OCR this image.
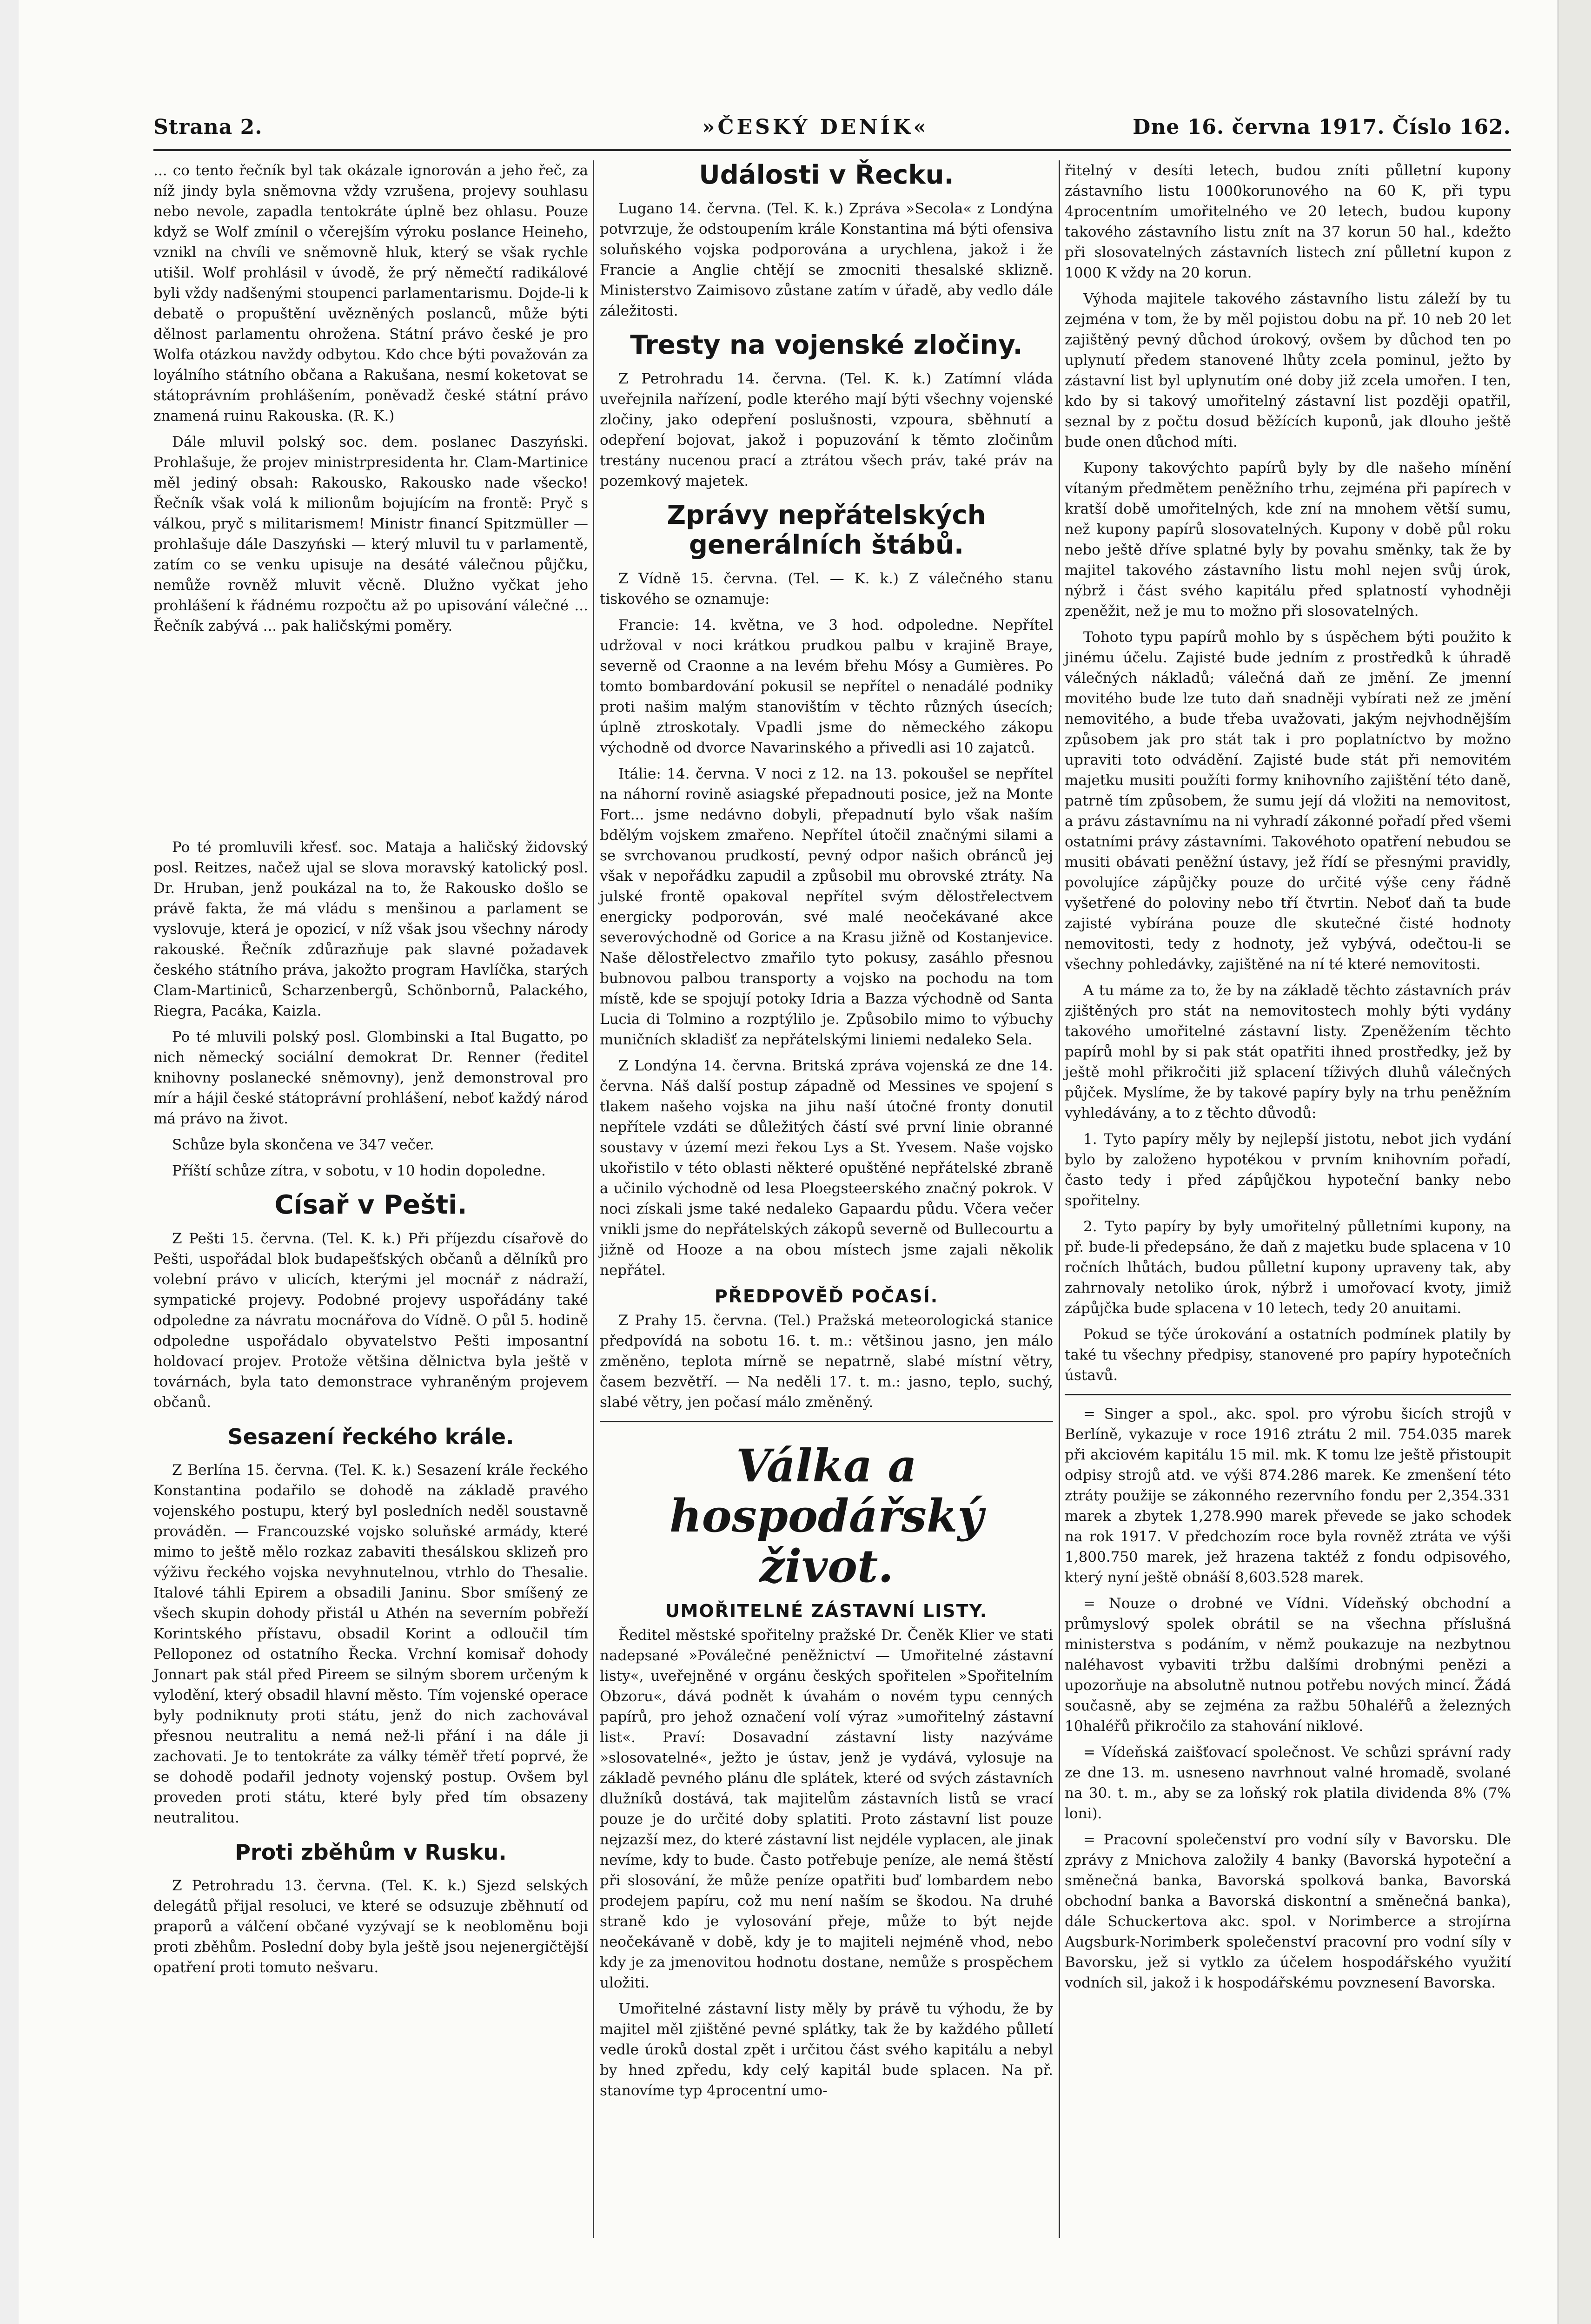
Strana 2.	»ČESKÝ DENÍK«	Dne 16. června 1917. Číslo 162.

... co tento řečník byl tak okázale ignorován a jeho řeč, za níž jindy byla sněmovna vždy vzrušena, projevy souhlasu nebo nevole, zapadla tentokráte úplně bez ohlasu. Pouze když se Wolf zmínil o včerejším výroku poslance Heineho, vznikl na chvíli ve sněmovně hluk, který se však rychle utišil. Wolf prohlásil v úvodě, že prý němečtí radikálové byli vždy nadšenými stoupenci parlamentarismu. Dojde-li k debatě o propuštění uvězněných poslanců, může býti dělnost parlamentu ohrožena. Státní právo české je pro Wolfa otázkou navždy odbytou. Kdo chce býti považován za loyálního státního občana a Rakušana, nesmí koketovat se státoprávním prohlášením, poněvadž české státní právo znamená ruinu Rakouska. (R. K.)

Dále mluvil polský soc. dem. poslanec Daszyński. Prohlašuje, že projev ministrpresidenta hr. Clam-Martinice měl jediný obsah: Rakousko, Rakousko nade všecko! Řečník však volá k milionům bojujícím na frontě: Pryč s válkou, pryč s militarismem! Ministr financí Spitzmüller — prohlašuje dále Daszyński — který mluvil tu v parlamentě, zatím co se venku upisuje na desáté válečnou půjčku, nemůže rovněž mluvit věcně. Dlužno vyčkat jeho prohlášení k řádnému rozpočtu až po upisování válečné ... Řečník zabývá ... pak haličskými poměry.

Po té promluvili křesť. soc. Mataja a haličský židovský posl. Reitzes, načež ujal se slova moravský katolický posl. Dr. Hruban, jenž poukázal na to, že Rakousko došlo se právě fakta, že má vládu s menšinou a parlament se vyslovuje, která je opozicí, v níž však jsou všechny národy rakouské. Řečník zdůrazňuje pak slavné požadavek českého státního práva, jakožto program Havlíčka, starých Clam-Martiniců, Scharzenbergů, Schönbornů, Palackého, Riegra, Pacáka, Kaizla.

Po té mluvili polský posl. Glombinski a Ital Bugatto, po nich německý sociální demokrat Dr. Renner (ředitel knihovny poslanecké sněmovny), jenž demonstroval pro mír a hájil české státoprávní prohlášení, neboť každý národ má právo na život.

Schůze byla skončena ve 347 večer.

Příští schůze zítra, v sobotu, v 10 hodin dopoledne.

Císař v Pešti.

Z Pešti 15. června. (Tel. K. k.) Při příjezdu císařově do Pešti, uspořádal blok budapešťských občanů a dělníků pro volební právo v ulicích, kterými jel mocnář z nádraží, sympatické projevy. Podobné projevy uspořádány také odpoledne za návratu mocnářova do Vídně. O půl 5. hodině odpoledne uspořádalo obyvatelstvo Pešti imposantní holdovací projev. Protože většina dělnictva byla ještě v továrnách, byla tato demonstrace vyhraněným projevem občanů.

Sesazení řeckého krále.

Z Berlína 15. června. (Tel. K. k.) Sesazení krále řeckého Konstantina podařilo se dohodě na základě pravého vojenského postupu, který byl posledních neděl soustavně prováděn. — Francouzské vojsko soluňské armády, které mimo to ještě mělo rozkaz zabaviti thesálskou sklizeň pro výživu řeckého vojska nevyhnutelnou, vtrhlo do Thesalie. Italové táhli Epirem a obsadili Janinu. Sbor smíšený ze všech skupin dohody přistál u Athén na severním pobřeží Korintského přístavu, obsadil Korint a odloučil tím Pelloponez od ostatního Řecka. Vrchní komisař dohody Jonnart pak stál před Pireem se silným sborem určeným k vylodění, který obsadil hlavní město. Tím vojenské operace byly podniknuty proti státu, jenž do nich zachovával přesnou neutralitu a nemá než-li přání i na dále ji zachovati. Je to tentokráte za války téměř třetí poprvé, že se dohodě podařil jednoty vojenský postup. Ovšem byl proveden proti státu, které byly před tím obsazeny neutralitou.

Proti zběhům v Rusku.

Z Petrohradu 13. června. (Tel. K. k.) Sjezd selských delegátů přijal resoluci, ve které se odsuzuje zběhnutí od praporů a válčení občané vyzývají se k neobloměnu boji proti zběhům. Poslední doby byla ještě jsou nejenergičtější opatření proti tomuto nešvaru.

Události v Řecku.

Lugano 14. června. (Tel. K. k.) Zpráva »Secola« z Londýna potvrzuje, že odstoupením krále Konstantina má býti ofensiva soluňského vojska podporována a urychlena, jakož i že Francie a Anglie chtějí se zmocniti thesalské sklizně. Ministerstvo Zaimisovo zůstane zatím v úřadě, aby vedlo dále záležitosti.

Tresty na vojenské zločiny.

Z Petrohradu 14. června. (Tel. K. k.) Zatímní vláda uveřejnila nařízení, podle kterého mají býti všechny vojenské zločiny, jako odepření poslušnosti, vzpoura, sběhnutí a odepření bojovat, jakož i popuzování k těmto zločinům trestány nucenou prací a ztrátou všech práv, také práv na pozemkový majetek.

Zprávy nepřátelských generálních štábů.

Z Vídně 15. června. (Tel. — K. k.) Z válečného stanu tiskového se oznamuje:

Francie: 14. května, ve 3 hod. odpoledne. Nepřítel udržoval v noci krátkou prudkou palbu v krajině Braye, severně od Craonne a na levém břehu Mósy a Gumières. Po tomto bombardování pokusil se nepřítel o nenadálé podniky proti našim malým stanovištím v těchto různých úsecích; úplně ztroskotaly. Vpadli jsme do německého zákopu východně od dvorce Navarinského a přivedli asi 10 zajatců.

Itálie: 14. června. V noci z 12. na 13. pokoušel se nepřítel na náhorní rovině asiagské přepadnouti posice, jež na Monte Fort... jsme nedávno dobyli, přepadnutí bylo však naším bdělým vojskem zmařeno. Nepřítel útočil značnými silami a se svrchovanou prudkostí, pevný odpor našich obránců jej však v nepořádku zapudil a způsobil mu obrovské ztráty. Na julské frontě opakoval nepřítel svým dělostřelectvem energicky podporován, své malé neočekávané akce severovýchodně od Gorice a na Krasu jižně od Kostanjevice. Naše dělostřelectvo zmařilo tyto pokusy, zasáhlo přesnou bubnovou palbou transporty a vojsko na pochodu na tom místě, kde se spojují potoky Idria a Bazza východně od Santa Lucia di Tolmino a rozptýlilo je. Způsobilo mimo to výbuchy muničních skladišť za nepřátelskými liniemi nedaleko Sela.

Z Londýna 14. června. Britská zpráva vojenská ze dne 14. června. Náš další postup západně od Messines ve spojení s tlakem našeho vojska na jihu naší útočné fronty donutil nepřítele vzdáti se důležitých částí své první linie obranné soustavy v území mezi řekou Lys a St. Yvesem. Naše vojsko ukořistilo v této oblasti některé opuštěné nepřátelské zbraně a učinilo východně od lesa Ploegsteerského značný pokrok. V noci získali jsme také nedaleko Gapaardu půdu. Včera večer vnikli jsme do nepřátelských zákopů severně od Bullecourtu a jižně od Hooze a na obou místech jsme zajali několik nepřátel.

PŘEDPOVĚĎ POČASÍ.

Z Prahy 15. června. (Tel.) Pražská meteorologická stanice předpovídá na sobotu 16. t. m.: většinou jasno, jen málo změněno, teplota mírně se nepatrně, slabé místní větry, časem bezvětří. — Na neděli 17. t. m.: jasno, teplo, suchý, slabé větry, jen počasí málo změněný.

Válka a hospodářský život.
UMOŘITELNÉ ZÁSTAVNÍ LISTY.

Ředitel městské spořitelny pražské Dr. Čeněk Klier ve stati nadepsané »Poválečné peněžnictví — Umořitelné zástavní listy«, uveřejněné v orgánu českých spořitelen »Spořitelním Obzoru«, dává podnět k úvahám o novém typu cenných papírů, pro jehož označení volí výraz »umořitelný zástavní list«. Praví: Dosavadní zástavní listy nazýváme »slosovatelné«, ježto je ústav, jenž je vydává, vylosuje na základě pevného plánu dle splátek, které od svých zástavních dlužníků dostává, tak majitelům zástavních listů se vrací pouze je do určité doby splatiti. Proto zástavní list pouze nejzazší mez, do které zástavní list nejdéle vyplacen, ale jinak nevíme, kdy to bude. Často potřebuje peníze, ale nemá štěstí při slosování, že může peníze opatřiti buď lombardem nebo prodejem papíru, což mu není naším se škodou. Na druhé straně kdo je vylosování přeje, může to být nejde neočekávaně v době, kdy je to majiteli nejméně vhod, nebo kdy je za jmenovitou hodnotu dostane, nemůže s prospěchem uložiti.

Umořitelné zástavní listy měly by právě tu výhodu, že by majitel měl zjištěné pevné splátky, tak že by každého půlletí vedle úroků dostal zpět i určitou část svého kapitálu a nebyl by hned zpředu, kdy celý kapitál bude splacen. Na př. stanovíme typ 4procentní umo-

řitelný v desíti letech, budou zníti půlletní kupony zástavního listu 1000korunového na 60 K, při typu 4procentním umořitelného ve 20 letech, budou kupony takového zástavního listu znít na 37 korun 50 hal., kdežto při slosovatelných zástavních listech zní půlletní kupon z 1000 K vždy na 20 korun.

Výhoda majitele takového zástavního listu záleží by tu zejména v tom, že by měl pojistou dobu na př. 10 neb 20 let zajištěný pevný důchod úrokový, ovšem by důchod ten po uplynutí předem stanovené lhůty zcela pominul, ježto by zástavní list byl uplynutím oné doby již zcela umořen. I ten, kdo by si takový umořitelný zástavní list později opatřil, seznal by z počtu dosud běžících kuponů, jak dlouho ještě bude onen důchod míti.

Kupony takovýchto papírů byly by dle našeho mínění vítaným předmětem peněžního trhu, zejména při papírech v kratší době umořitelných, kde zní na mnohem větší sumu, než kupony papírů slosovatelných. Kupony v době půl roku nebo ještě dříve splatné byly by povahu směnky, tak že by majitel takového zástavního listu mohl nejen svůj úrok, nýbrž i část svého kapitálu před splatností vyhodněji zpeněžit, než je mu to možno při slosovatelných.

Tohoto typu papírů mohlo by s úspěchem býti použito k jinému účelu. Zajisté bude jedním z prostředků k úhradě válečných nákladů; válečná daň ze jmění. Ze jmenní movitého bude lze tuto daň snadněji vybírati než ze jmění nemovitého, a bude třeba uvažovati, jakým nejvhodnějším způsobem jak pro stát tak i pro poplatníctvo by možno upraviti toto odvádění. Zajisté bude stát při nemovitém majetku musiti použíti formy knihovního zajištění této daně, patrně tím způsobem, že sumu její dá vložiti na nemovitost, a právu zástavnímu na ni vyhradí zákonné pořadí před všemi ostatními právy zástavními. Takovéhoto opatření nebudou se musiti obávati peněžní ústavy, jež řídí se přesnými pravidly, povolujíce zápůjčky pouze do určité výše ceny řádně vyšetřené do poloviny nebo tří čtvrtin. Neboť daň ta bude zajisté vybírána pouze dle skutečné čisté hodnoty nemovitosti, tedy z hodnoty, jež vybývá, odečtou-li se všechny pohledávky, zajištěné na ní té které nemovitosti.

A tu máme za to, že by na základě těchto zástavních práv zjištěných pro stát na nemovitostech mohly býti vydány takového umořitelné zástavní listy. Zpeněžením těchto papírů mohl by si pak stát opatřiti ihned prostředky, jež by ještě mohl přikročiti již splacení tíživých dluhů válečných půjček. Myslíme, že by takové papíry byly na trhu peněžním vyhledávány, a to z těchto důvodů:

1. Tyto papíry měly by nejlepší jistotu, nebot jich vydání bylo by založeno hypotékou v prvním knihovním pořadí, často tedy i před zápůjčkou hypoteční banky nebo spořitelny.

2. Tyto papíry by byly umořitelný půlletními kupony, na př. bude-li předepsáno, že daň z majetku bude splacena v 10 ročních lhůtách, budou půlletní kupony upraveny tak, aby zahrnovaly netoliko úrok, nýbrž i umořovací kvoty, jimiž zápůjčka bude splacena v 10 letech, tedy 20 anuitami.

Pokud se týče úrokování a ostatních podmínek platily by také tu všechny předpisy, stanovené pro papíry hypotečních ústavů.

= Singer a spol., akc. spol. pro výrobu šicích strojů v Berlíně, vykazuje v roce 1916 ztrátu 2 mil. 754.035 marek při akciovém kapitálu 15 mil. mk. K tomu lze ještě přistoupit odpisy strojů atd. ve výši 874.286 marek. Ke zmenšení této ztráty použije se zákonného rezervního fondu per 2,354.331 marek a zbytek 1,278.990 marek převede se jako schodek na rok 1917. V předchozím roce byla rovněž ztráta ve výši 1,800.750 marek, jež hrazena taktéž z fondu odpisového, který nyní ještě obnáší 8,603.528 marek.

= Nouze o drobné ve Vídni. Vídeňský obchodní a průmyslový spolek obrátil se na všechna příslušná ministerstva s podáním, v němž poukazuje na nezbytnou naléhavost vybaviti tržbu dalšími drobnými penězi a upozorňuje na absolutně nutnou potřebu nových mincí. Žádá současně, aby se zejména za ražbu 50haléřů a železných 10haléřů přikročilo za stahování niklové.

= Vídeňská zaišťovací společnost. Ve schůzi správní rady ze dne 13. m. usneseno navrhnout valné hromadě, svolané na 30. t. m., aby se za loňský rok platila dividenda 8% (7% loni).

= Pracovní společenství pro vodní síly v Bavorsku. Dle zprávy z Mnichova založily 4 banky (Bavorská hypoteční a směnečná banka, Bavorská spolková banka, Bavorská obchodní banka a Bavorská diskontní a směnečná banka), dále Schuckertova akc. spol. v Norimberce a strojírna Augsburk-Norimberk společenství pracovní pro vodní síly v Bavorsku, jež si vytklo za účelem hospodářského využití vodních sil, jakož i k hospodářskému povznesení Bavorska.
